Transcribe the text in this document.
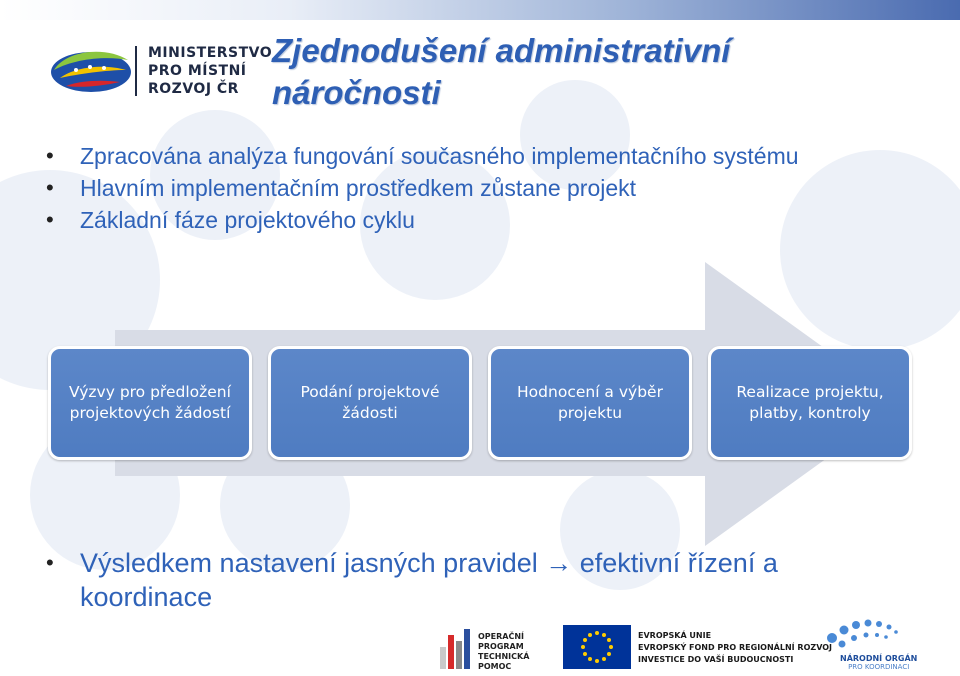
MINISTERSTVO
PRO MÍSTNÍ
ROZVOJ ČR
Zjednodušení administrativní náročnosti
• Zpracována analýza fungování současného implementačního systému
• Hlavním implementačním prostředkem zůstane projekt
• Základní fáze projektového cyklu
Výzvy pro předložení projektových žádostí
Podání projektové žádosti
Hodnocení a výběr projektu
Realizace projektu, platby, kontroly
• Výsledkem nastavení jasných pravidel → efektivní řízení a koordinace
OPERAČNÍ
PROGRAM
TECHNICKÁ
POMOC
EVROPSKÁ UNIE
EVROPSKÝ FOND PRO REGIONÁLNÍ ROZVOJ
INVESTICE DO VAŠÍ BUDOUCNOSTI	NÁRODNÍ ORGÁN
PRO KOORDINACI
